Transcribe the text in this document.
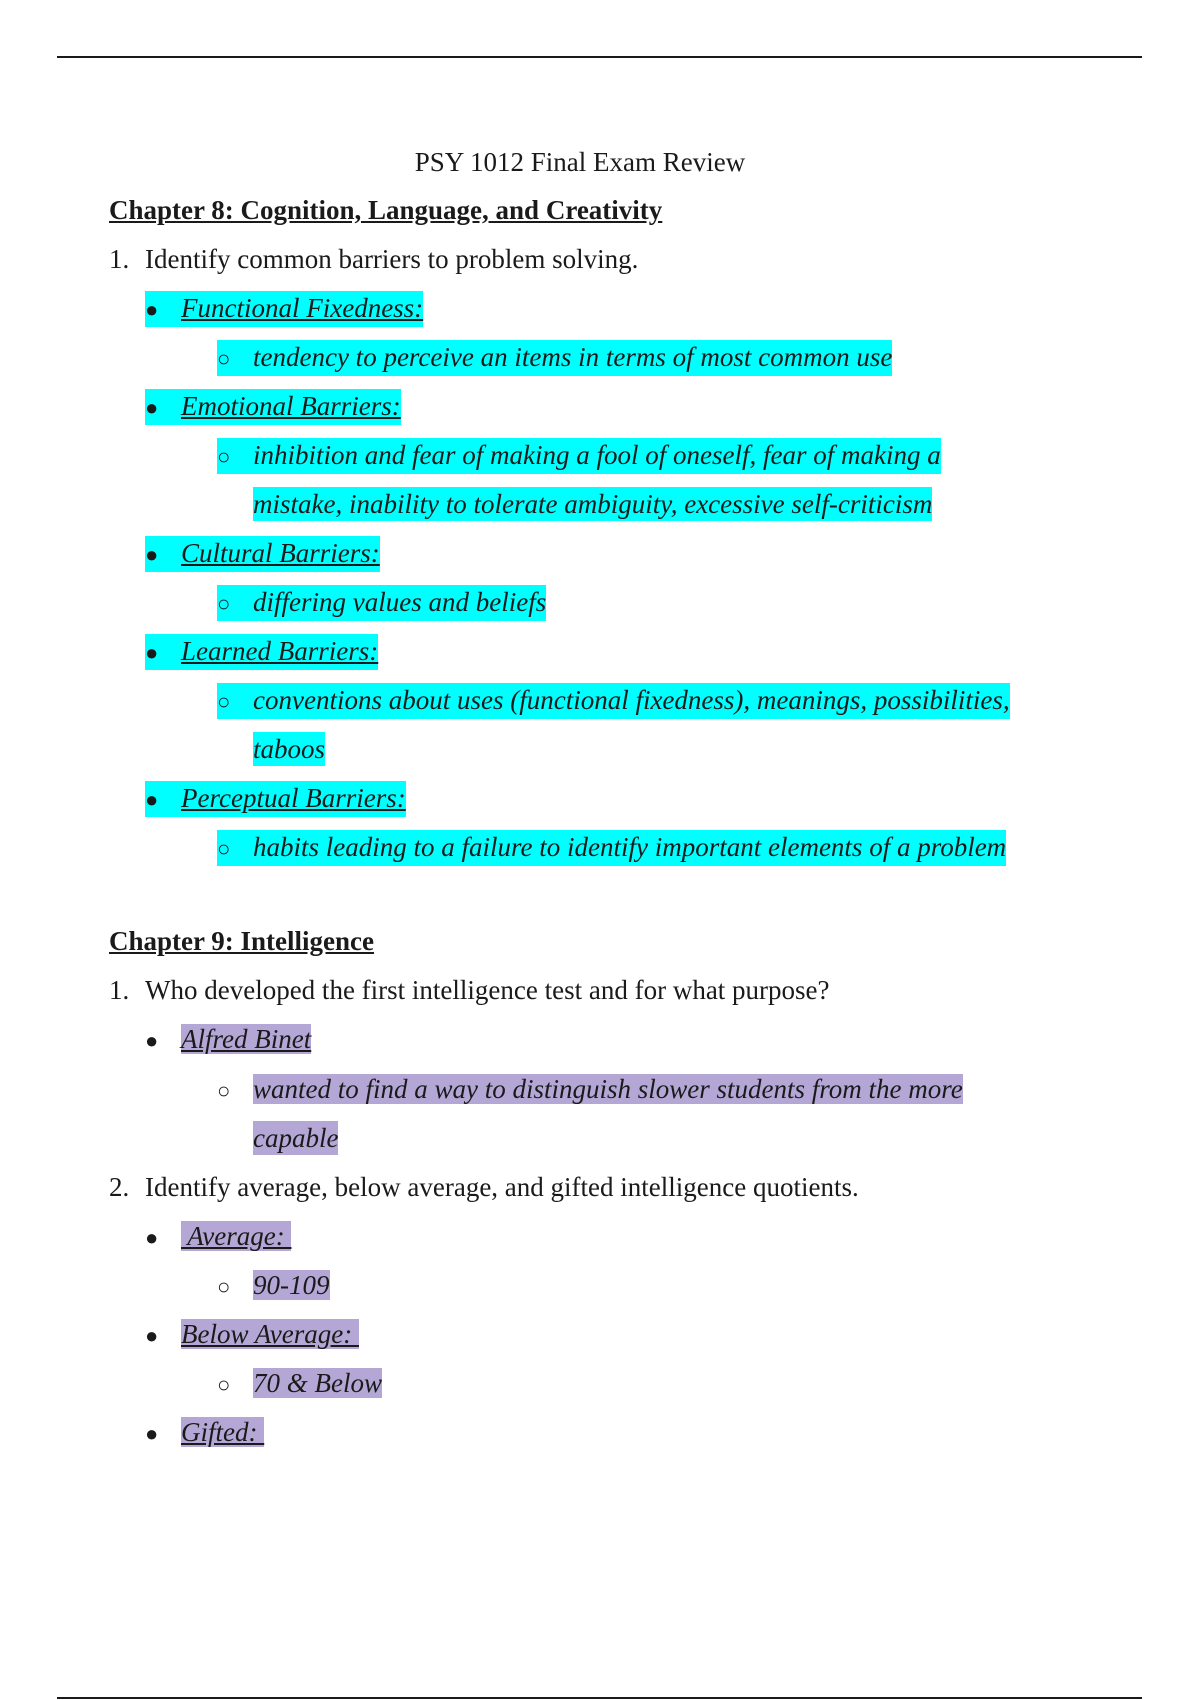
PSY 1012 Final Exam Review
Chapter 8: Cognition, Language, and Creativity
1. Identify common barriers to problem solving.
● Functional Fixedness:
○ tendency to perceive an items in terms of most common use
● Emotional Barriers:
○ inhibition and fear of making a fool of oneself, fear of making a
mistake, inability to tolerate ambiguity, excessive self-criticism
● Cultural Barriers:
○ differing values and beliefs
● Learned Barriers:
○ conventions about uses (functional fixedness), meanings, possibilities,
taboos
● Perceptual Barriers:
○ habits leading to a failure to identify important elements of a problem
Chapter 9: Intelligence
1. Who developed the first intelligence test and for what purpose?
● Alfred Binet
○ wanted to find a way to distinguish slower students from the more
capable
2. Identify average, below average, and gifted intelligence quotients.
● Average:
○ 90-109
● Below Average:
○ 70 & Below
● Gifted:
